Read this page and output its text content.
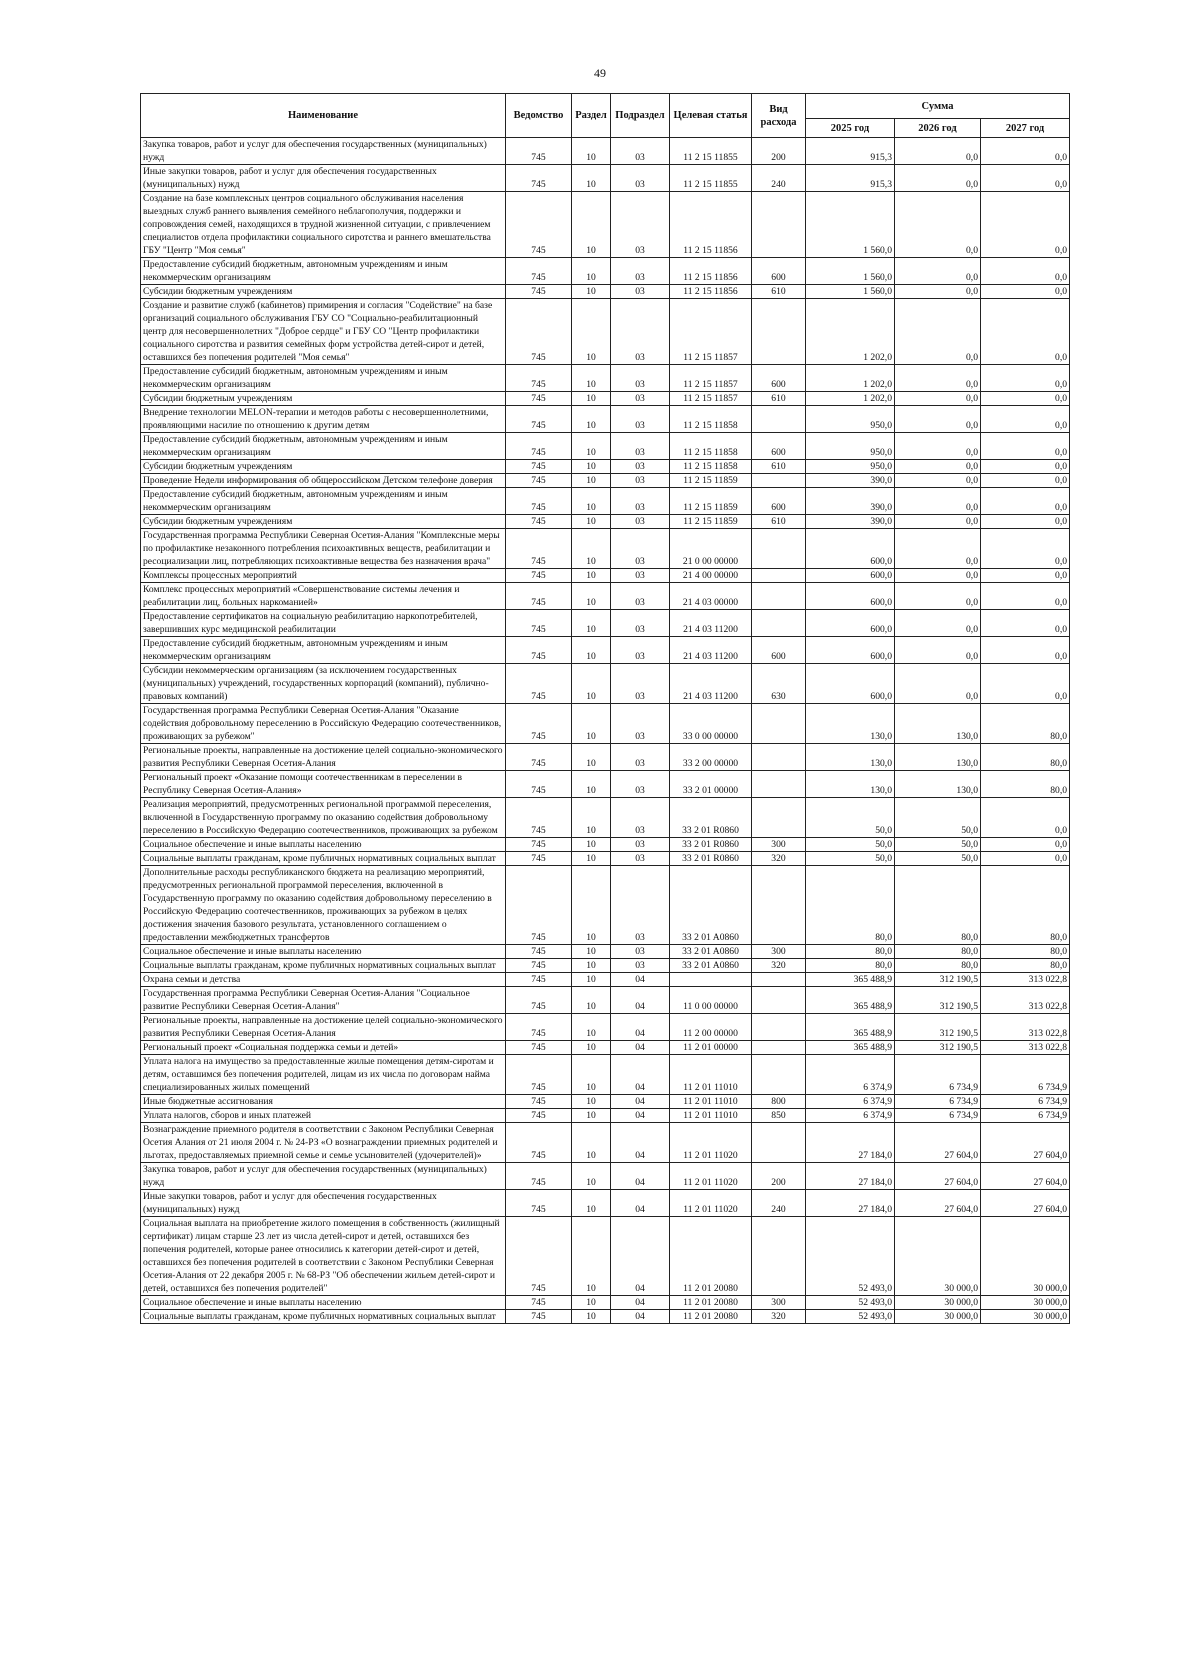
49
Наименование	Ведомство	Раздел	Подраздел	Целевая статья	Вид расхода	Сумма		
						2025 год	2026 год	2027 год
Закупка товаров, работ и услуг для обеспечения государственных (муниципальных) нужд	745	10	03	11 2 15 11855	200	915,3	0,0	0,0
Иные закупки товаров, работ и услуг для обеспечения государственных (муниципальных) нужд	745	10	03	11 2 15 11855	240	915,3	0,0	0,0
Создание на базе комплексных центров социального обслуживания населения выездных служб раннего выявления семейного неблагополучия, поддержки и сопровождения семей, находящихся в трудной жизненной ситуации, с привлечением специалистов отдела профилактики социального сиротства и раннего вмешательства ГБУ "Центр "Моя семья"	745	10	03	11 2 15 11856		1 560,0	0,0	0,0
Предоставление субсидий бюджетным, автономным учреждениям и иным некоммерческим организациям	745	10	03	11 2 15 11856	600	1 560,0	0,0	0,0
Субсидии бюджетным учреждениям	745	10	03	11 2 15 11856	610	1 560,0	0,0	0,0
Создание и развитие служб (кабинетов) примирения и согласия "Содействие" на базе организаций социального обслуживания ГБУ СО "Социально-реабилитационный центр для несовершеннолетних "Доброе сердце" и ГБУ СО "Центр профилактики социального сиротства и развития семейных форм устройства детей-сирот и детей, оставшихся без попечения родителей "Моя семья"	745	10	03	11 2 15 11857		1 202,0	0,0	0,0
Предоставление субсидий бюджетным, автономным учреждениям и иным некоммерческим организациям	745	10	03	11 2 15 11857	600	1 202,0	0,0	0,0
Субсидии бюджетным учреждениям	745	10	03	11 2 15 11857	610	1 202,0	0,0	0,0
Внедрение технологии MELON-терапии и методов работы с несовершеннолетними, проявляющими насилие по отношению к другим детям	745	10	03	11 2 15 11858		950,0	0,0	0,0
Предоставление субсидий бюджетным, автономным учреждениям и иным некоммерческим организациям	745	10	03	11 2 15 11858	600	950,0	0,0	0,0
Субсидии бюджетным учреждениям	745	10	03	11 2 15 11858	610	950,0	0,0	0,0
Проведение Недели информирования об общероссийском Детском телефоне доверия	745	10	03	11 2 15 11859		390,0	0,0	0,0
Предоставление субсидий бюджетным, автономным учреждениям и иным некоммерческим организациям	745	10	03	11 2 15 11859	600	390,0	0,0	0,0
Субсидии бюджетным учреждениям	745	10	03	11 2 15 11859	610	390,0	0,0	0,0
Государственная программа Республики Северная Осетия-Алания "Комплексные меры по профилактике незаконного потребления психоактивных веществ, реабилитации и ресоциализации лиц, потребляющих психоактивные вещества без назначения врача"	745	10	03	21 0 00 00000		600,0	0,0	0,0
Комплексы процессных мероприятий	745	10	03	21 4 00 00000		600,0	0,0	0,0
Комплекс процессных мероприятий «Совершенствование системы лечения и реабилитации лиц, больных наркоманией»	745	10	03	21 4 03 00000		600,0	0,0	0,0
Предоставление сертификатов на социальную реабилитацию наркопотребителей, завершивших курс медицинской реабилитации	745	10	03	21 4 03 11200		600,0	0,0	0,0
Предоставление субсидий бюджетным, автономным учреждениям и иным некоммерческим организациям	745	10	03	21 4 03 11200	600	600,0	0,0	0,0
Субсидии некоммерческим организациям (за исключением государственных (муниципальных) учреждений, государственных корпораций (компаний), публично-правовых компаний)	745	10	03	21 4 03 11200	630	600,0	0,0	0,0
Государственная программа Республики Северная Осетия-Алания "Оказание содействия добровольному переселению в Российскую Федерацию соотечественников, проживающих за рубежом"	745	10	03	33 0 00 00000		130,0	130,0	80,0
Региональные проекты, направленные на достижение целей социально-экономического развития Республики Северная Осетия-Алания	745	10	03	33 2 00 00000		130,0	130,0	80,0
Региональный проект «Оказание помощи соотечественникам в переселении в Республику Северная Осетия-Алания»	745	10	03	33 2 01 00000		130,0	130,0	80,0
Реализация мероприятий, предусмотренных региональной программой переселения, включенной в Государственную программу по оказанию содействия добровольному переселению в Российскую Федерацию соотечественников, проживающих за рубежом	745	10	03	33 2 01 R0860		50,0	50,0	0,0
Социальное обеспечение и иные выплаты населению	745	10	03	33 2 01 R0860	300	50,0	50,0	0,0
Социальные выплаты гражданам, кроме публичных нормативных социальных выплат	745	10	03	33 2 01 R0860	320	50,0	50,0	0,0
Дополнительные расходы республиканского бюджета на реализацию мероприятий, предусмотренных региональной программой переселения, включенной в Государственную программу по оказанию содействия добровольному переселению в Российскую Федерацию соотечественников, проживающих за рубежом в целях достижения значения базового результата, установленного соглашением о предоставлении межбюджетных трансфертов	745	10	03	33 2 01 A0860		80,0	80,0	80,0
Социальное обеспечение и иные выплаты населению	745	10	03	33 2 01 A0860	300	80,0	80,0	80,0
Социальные выплаты гражданам, кроме публичных нормативных социальных выплат	745	10	03	33 2 01 A0860	320	80,0	80,0	80,0
Охрана семьи и детства	745	10	04			365 488,9	312 190,5	313 022,8
Государственная программа Республики Северная Осетия-Алания "Социальное развитие Республики Северная Осетия-Алания"	745	10	04	11 0 00 00000		365 488,9	312 190,5	313 022,8
Региональные проекты, направленные на достижение целей социально-экономического развития Республики Северная Осетия-Алания	745	10	04	11 2 00 00000		365 488,9	312 190,5	313 022,8
Региональный проект «Социальная поддержка семьи и детей»	745	10	04	11 2 01 00000		365 488,9	312 190,5	313 022,8
Уплата налога на имущество за предоставленные жилые помещения детям-сиротам и детям, оставшимся без попечения родителей, лицам из их числа по договорам найма специализированных жилых помещений	745	10	04	11 2 01 11010		6 374,9	6 734,9	6 734,9
Иные бюджетные ассигнования	745	10	04	11 2 01 11010	800	6 374,9	6 734,9	6 734,9
Уплата налогов, сборов и иных платежей	745	10	04	11 2 01 11010	850	6 374,9	6 734,9	6 734,9
Вознаграждение приемного родителя в соответствии с Законом Республики Северная Осетия Алания от 21 июля 2004 г. № 24-РЗ «О вознаграждении приемных родителей и льготах, предоставляемых приемной семье и семье усыновителей (удочерителей)»	745	10	04	11 2 01 11020		27 184,0	27 604,0	27 604,0
Закупка товаров, работ и услуг для обеспечения государственных (муниципальных) нужд	745	10	04	11 2 01 11020	200	27 184,0	27 604,0	27 604,0
Иные закупки товаров, работ и услуг для обеспечения государственных (муниципальных) нужд	745	10	04	11 2 01 11020	240	27 184,0	27 604,0	27 604,0
Социальная выплата на приобретение жилого помещения в собственность (жилищный сертификат) лицам старше 23 лет из числа детей-сирот и детей, оставшихся без попечения родителей, которые ранее относились к категории детей-сирот и детей, оставшихся без попечения родителей в соответствии с Законом Республики Северная Осетия-Алания от 22 декабря 2005 г. № 68-РЗ "Об обеспечении жильем детей-сирот и детей, оставшихся без попечения родителей"	745	10	04	11 2 01 20080		52 493,0	30 000,0	30 000,0
Социальное обеспечение и иные выплаты населению	745	10	04	11 2 01 20080	300	52 493,0	30 000,0	30 000,0
Социальные выплаты гражданам, кроме публичных нормативных социальных выплат	745	10	04	11 2 01 20080	320	52 493,0	30 000,0	30 000,0
